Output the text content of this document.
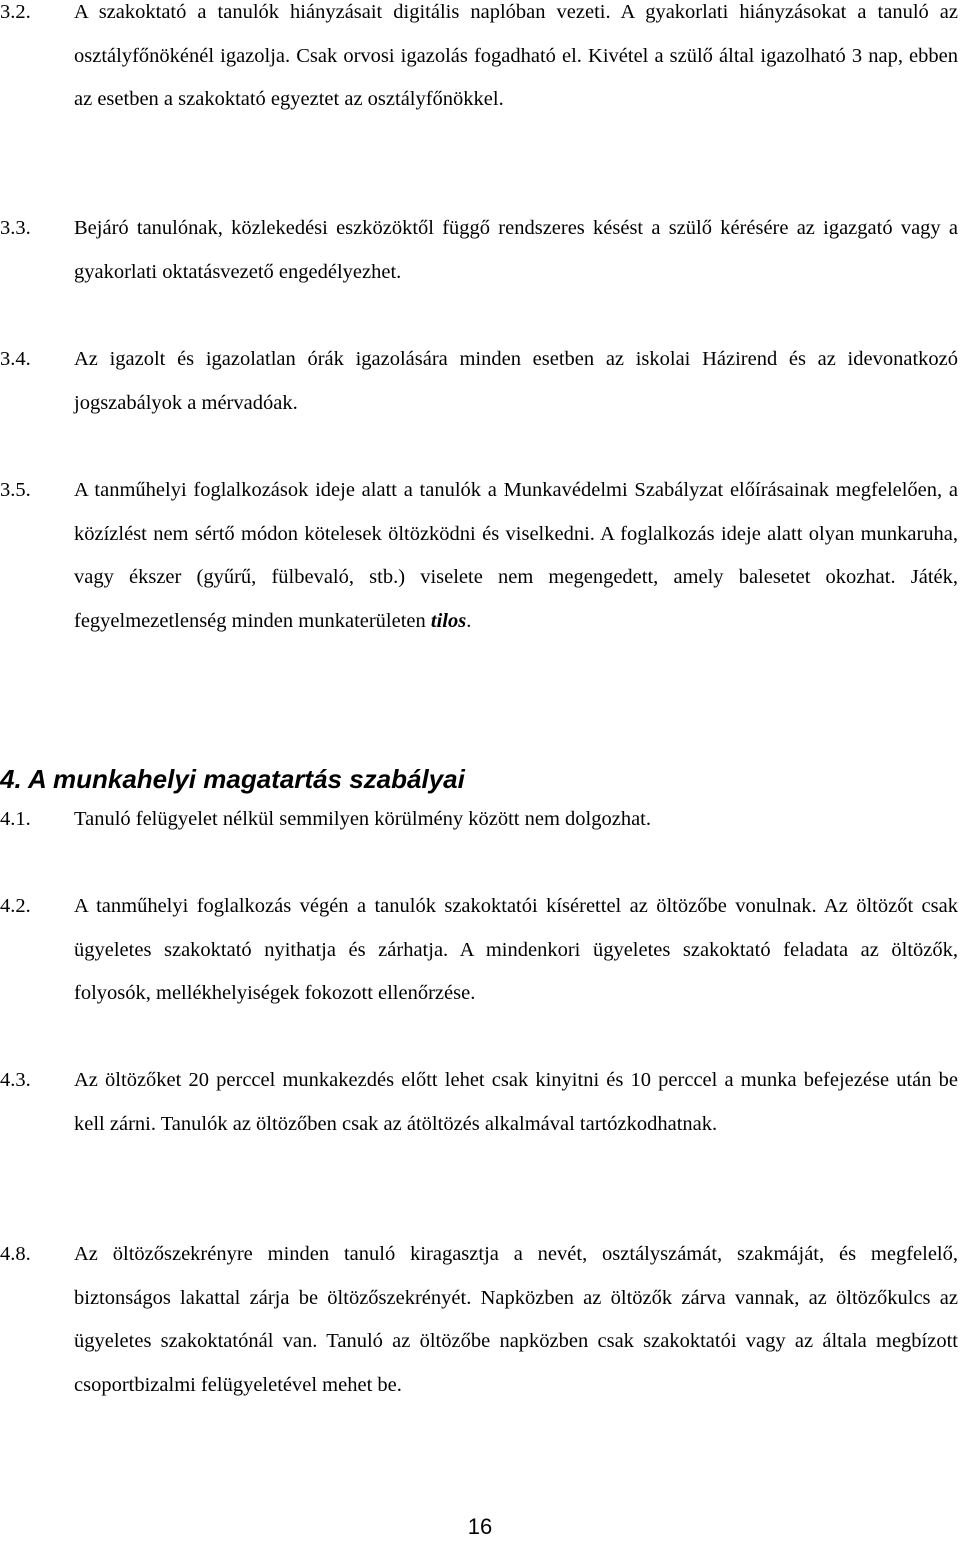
3.2.	A szakoktató a tanulók hiányzásait digitális naplóban vezeti. A gyakorlati hiányzásokat a tanuló az osztályfőnökénél igazolja. Csak orvosi igazolás fogadható el. Kivétel a szülő által igazolható 3 nap, ebben az esetben a szakoktató egyeztet az osztályfőnökkel.
3.3.	Bejáró tanulónak, közlekedési eszközöktől függő rendszeres késést a szülő kérésére az igazgató vagy a gyakorlati oktatásvezető engedélyezhet.
3.4.	Az igazolt és igazolatlan órák igazolására minden esetben az iskolai Házirend és az idevonatkozó jogszabályok a mérvadóak.
3.5.	A tanműhelyi foglalkozások ideje alatt a tanulók a Munkavédelmi Szabályzat előírásainak megfelelően, a közízlést nem sértő módon kötelesek öltözködni és viselkedni. A foglalkozás ideje alatt olyan munkaruha, vagy ékszer (gyűrű, fülbevaló, stb.) viselete nem megengedett, amely balesetet okozhat. Játék, fegyelmezetlenség minden munkaterületen tilos.
4. A munkahelyi magatartás szabályai
4.1.	Tanuló felügyelet nélkül semmilyen körülmény között nem dolgozhat.
4.2.	A tanműhelyi foglalkozás végén a tanulók szakoktatói kísérettel az öltözőbe vonulnak. Az öltözőt csak ügyeletes szakoktató nyithatja és zárhatja. A mindenkori ügyeletes szakoktató feladata az öltözők, folyosók, mellékhelyiségek fokozott ellenőrzése.
4.3.	Az öltözőket 20 perccel munkakezdés előtt lehet csak kinyitni és 10 perccel a munka befejezése után be kell zárni. Tanulók az öltözőben csak az átöltözés alkalmával tartózkodhatnak.
4.8.	Az öltözőszekrényre minden tanuló kiragasztja a nevét, osztályszámát, szakmáját, és megfelelő, biztonságos lakattal zárja be öltözőszekrényét. Napközben az öltözők zárva vannak, az öltözőkulcs az ügyeletes szakoktatónál van. Tanuló az öltözőbe napközben csak szakoktatói vagy az általa megbízott csoportbizalmi felügyeletével mehet be.
16
